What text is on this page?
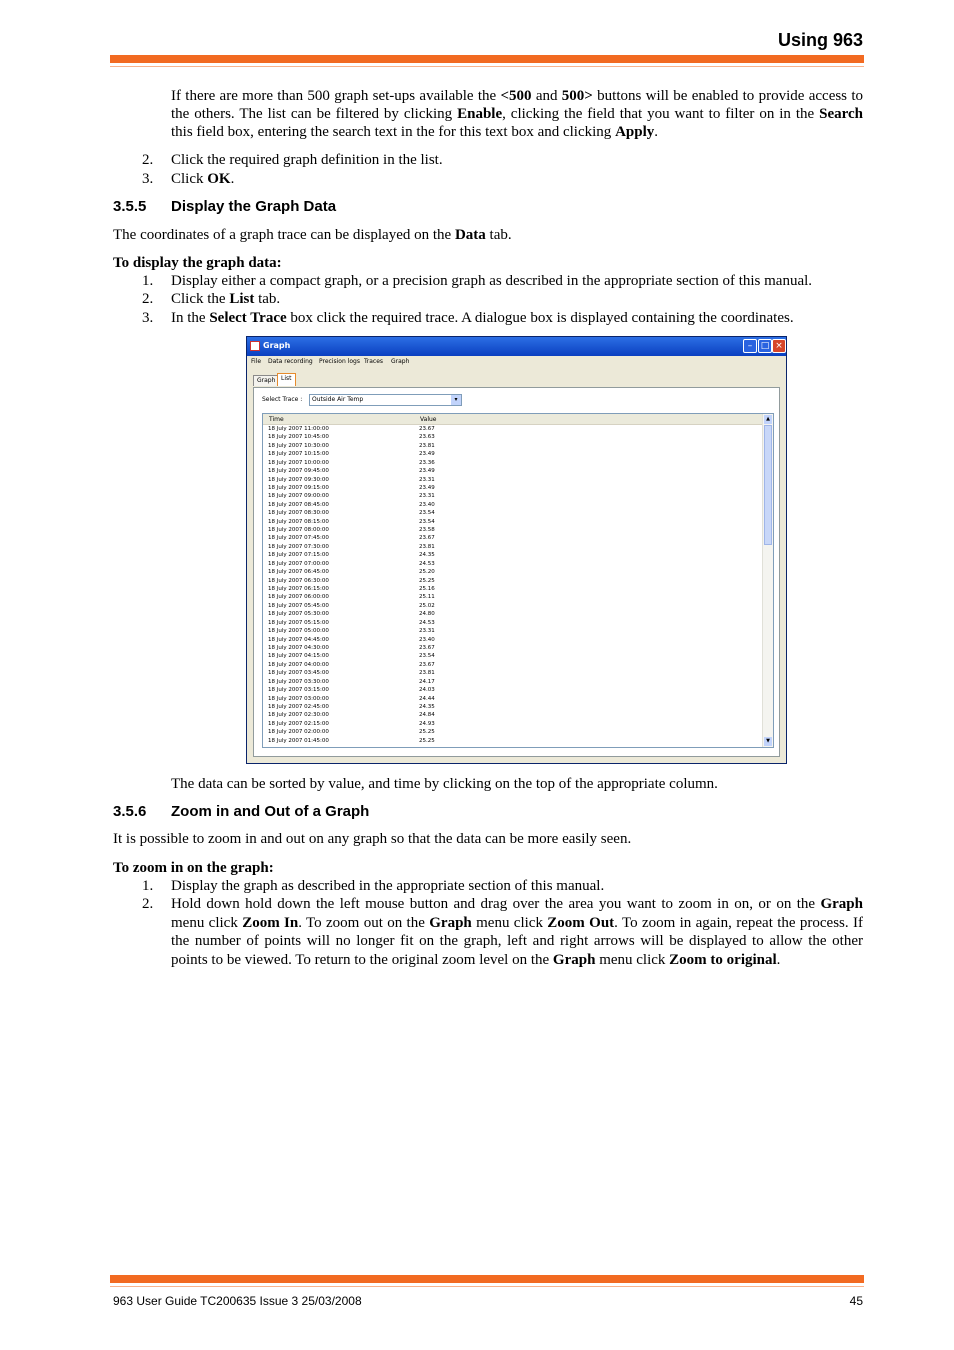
Using 963
If there are more than 500 graph set-ups available the <500 and 500> buttons will be enabled to provide access to the others. The list can be filtered by clicking Enable, clicking the field that you want to filter on in the Search this field box, entering the search text in the for this text box and clicking Apply.
2. Click the required graph definition in the list.
3. Click OK.
3.5.5 Display the Graph Data
The coordinates of a graph trace can be displayed on the Data tab.
To display the graph data:
1. Display either a compact graph, or a precision graph as described in the appropriate section of this manual.
2. Click the List tab.
3. In the Select Trace box click the required trace. A dialogue box is displayed containing the coordinates.
Graph	– □ ×
File Data recording Precision logs Traces Graph
Graph List
Select Trace :	Outside Air Temp	▾
Time	Value
18 July 2007 11:00:00	23.67
18 July 2007 10:45:00	23.63
18 July 2007 10:30:00	23.81
18 July 2007 10:15:00	23.49
18 July 2007 10:00:00	23.36
18 July 2007 09:45:00	23.49
18 July 2007 09:30:00	23.31
18 July 2007 09:15:00	23.49
18 July 2007 09:00:00	23.31
18 July 2007 08:45:00	23.40
18 July 2007 08:30:00	23.54
18 July 2007 08:15:00	23.54
18 July 2007 08:00:00	23.58
18 July 2007 07:45:00	23.67
18 July 2007 07:30:00	23.81
18 July 2007 07:15:00	24.35
18 July 2007 07:00:00	24.53
18 July 2007 06:45:00	25.20
18 July 2007 06:30:00	25.25
18 July 2007 06:15:00	25.16
18 July 2007 06:00:00	25.11
18 July 2007 05:45:00	25.02
18 July 2007 05:30:00	24.80
18 July 2007 05:15:00	24.53
18 July 2007 05:00:00	23.31
18 July 2007 04:45:00	23.40
18 July 2007 04:30:00	23.67
18 July 2007 04:15:00	23.54
18 July 2007 04:00:00	23.67
18 July 2007 03:45:00	23.81
18 July 2007 03:30:00	24.17
18 July 2007 03:15:00	24.03
18 July 2007 03:00:00	24.44
18 July 2007 02:45:00	24.35
18 July 2007 02:30:00	24.84
18 July 2007 02:15:00	24.93
18 July 2007 02:00:00	25.25
18 July 2007 01:45:00	25.25
▲
▼
The data can be sorted by value, and time by clicking on the top of the appropriate column.
3.5.6 Zoom in and Out of a Graph
It is possible to zoom in and out on any graph so that the data can be more easily seen.
To zoom in on the graph:
1. Display the graph as described in the appropriate section of this manual.
2.	Hold down hold down the left mouse button and drag over the area you want to zoom in on, or on the Graph menu click Zoom In. To zoom out on the Graph menu click Zoom Out. To zoom in again, repeat the process. If the number of points will no longer fit on the graph, left and right arrows will be displayed to allow the other points to be viewed. To return to the original zoom level on the Graph menu click Zoom to original.
963 User Guide TC200635 Issue 3 25/03/2008	45
